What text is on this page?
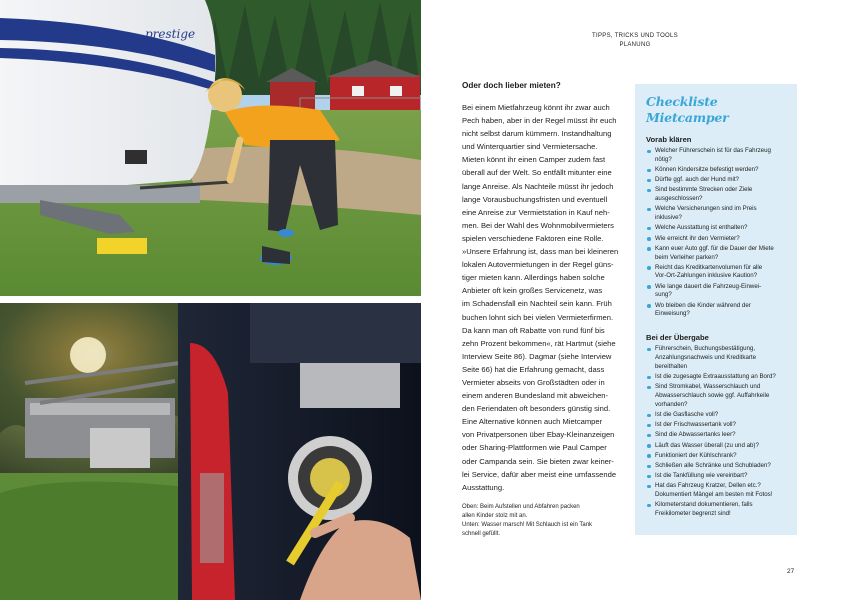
prestige	TIPPS, TRICKS UND TOOLS
PLANUNG
Oder doch lieber mieten?

Bei einem Mietfahrzeug könnt ihr zwar auch
Pech haben, aber in der Regel müsst ihr euch
nicht selbst darum kümmern. Instandhaltung
und Winterquartier sind Vermietersache.
Mieten könnt ihr einen Camper zudem fast
überall auf der Welt. So entfällt mitunter eine
lange Anreise. Als Nachteile müsst ihr jedoch
lange Vorausbuchungsfristen und eventuell
eine Anreise zur Vermietstation in Kauf neh-
men. Bei der Wahl des Wohnmobilvermieters
spielen verschiedene Faktoren eine Rolle.
»Unsere Erfahrung ist, dass man bei kleineren
lokalen Autovermietungen in der Regel güns-
tiger mieten kann. Allerdings haben solche
Anbieter oft kein großes Servicenetz, was
im Schadensfall ein Nachteil sein kann. Früh
buchen lohnt sich bei vielen Vermieterfirmen.
Da kann man oft Rabatte von rund fünf bis
zehn Prozent bekommen«, rät Hartmut (siehe
Interview Seite 86). Dagmar (siehe Interview
Seite 66) hat die Erfahrung gemacht, dass
Vermieter abseits von Großstädten oder in
einem anderen Bundesland mit abweichen-
den Feriendaten oft besonders günstig sind.
Eine Alternative können auch Mietcamper
von Privatpersonen über Ebay-Kleinanzeigen
oder Sharing-Plattformen wie Paul Camper
oder Campanda sein. Sie bieten zwar keiner-
lei Service, dafür aber meist eine umfassende
Ausstattung.

Oben: Beim Aufstellen und Abfahren packen
allen Kinder stolz mit an.
Unten: Wasser marsch! Mit Schlauch ist ein Tank
schnell gefüllt.
Checkliste Mietcamper
Vorab klären
Welcher Führerschein ist für das Fahrzeug
nötig?
Können Kindersitze befestigt werden?
Dürfte ggf. auch der Hund mit?
Sind bestimmte Strecken oder Ziele
ausgeschlossen?
Welche Versicherungen sind im Preis
inklusive?
Welche Ausstattung ist enthalten?
Wie erreicht ihr den Vermieter?
Kann euer Auto ggf. für die Dauer der Miete
beim Verleiher parken?
Reicht das Kreditkartenvolumen für alle
Vor-Ort-Zahlungen inklusive Kaution?
Wie lange dauert die Fahrzeug-Einwei-
sung?
Wo bleiben die Kinder während der
Einweisung?
Bei der Übergabe
Führerschein, Buchungsbestätigung,
Anzahlungsnachweis und Kreditkarte
bereithalten
Ist die zugesagte Extraausstattung an Bord?
Sind Stromkabel, Wasserschlauch und
Abwasserschlauch sowie ggf. Auffahrkeile
vorhanden?
Ist die Gasflasche voll?
Ist der Frischwassertank voll?
Sind die Abwassertanks leer?
Läuft das Wasser überall (zu und ab)?
Funktioniert der Kühlschrank?
Schließen alle Schränke und Schubladen?
Ist die Tankfüllung wie vereinbart?
Hat das Fahrzeug Kratzer, Dellen etc.?
Dokumentiert Mängel am besten mit Fotos!
Kilometerstand dokumentieren, falls
Freikilometer begrenzt sind!
27
